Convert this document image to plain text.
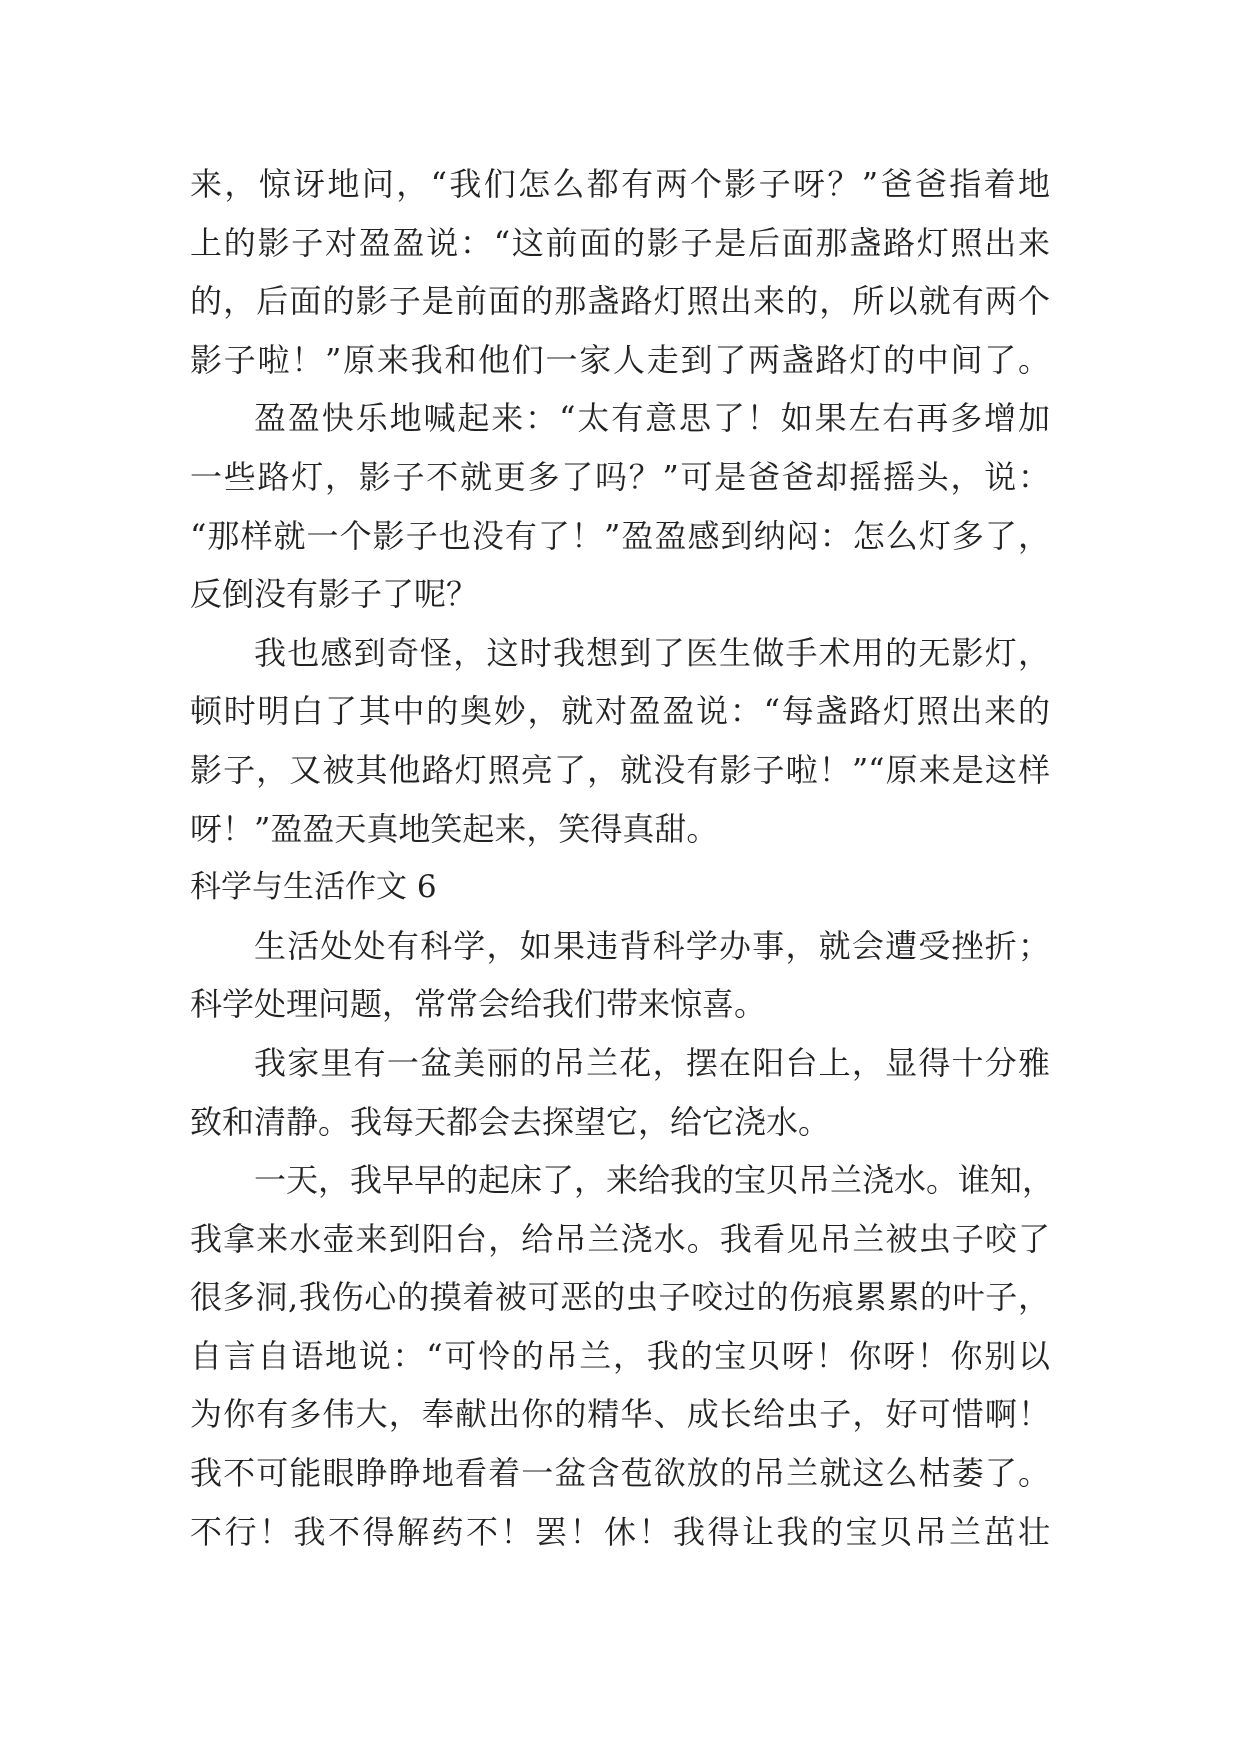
来，惊讶地问，“我们怎么都有两个影子呀？”爸爸指着地

上的影子对盈盈说：“这前面的影子是后面那盏路灯照出来

的，后面的影子是前面的那盏路灯照出来的，所以就有两个

影子啦！”原来我和他们一家人走到了两盏路灯的中间了。

盈盈快乐地喊起来：“太有意思了！如果左右再多增加

一些路灯，影子不就更多了吗？”可是爸爸却摇摇头，说：

“那样就一个影子也没有了！”盈盈感到纳闷：怎么灯多了，

反倒没有影子了呢？

我也感到奇怪，这时我想到了医生做手术用的无影灯，

顿时明白了其中的奥妙，就对盈盈说：“每盏路灯照出来的

影子，又被其他路灯照亮了，就没有影子啦！”“原来是这样

呀！”盈盈天真地笑起来，笑得真甜。

科学与生活作文 6

生活处处有科学，如果违背科学办事，就会遭受挫折；

科学处理问题，常常会给我们带来惊喜。

我家里有一盆美丽的吊兰花，摆在阳台上，显得十分雅

致和清静。我每天都会去探望它，给它浇水。

一天，我早早的起床了，来给我的宝贝吊兰浇水。谁知，

我拿来水壶来到阳台，给吊兰浇水。我看见吊兰被虫子咬了

很多洞,我伤心的摸着被可恶的虫子咬过的伤痕累累的叶子，

自言自语地说：“可怜的吊兰，我的宝贝呀！你呀！你别以

为你有多伟大，奉献出你的精华、成长给虫子，好可惜啊！

我不可能眼睁睁地看着一盆含苞欲放的吊兰就这么枯萎了。

不行！我不得解药不！罢！休！我得让我的宝贝吊兰茁壮
